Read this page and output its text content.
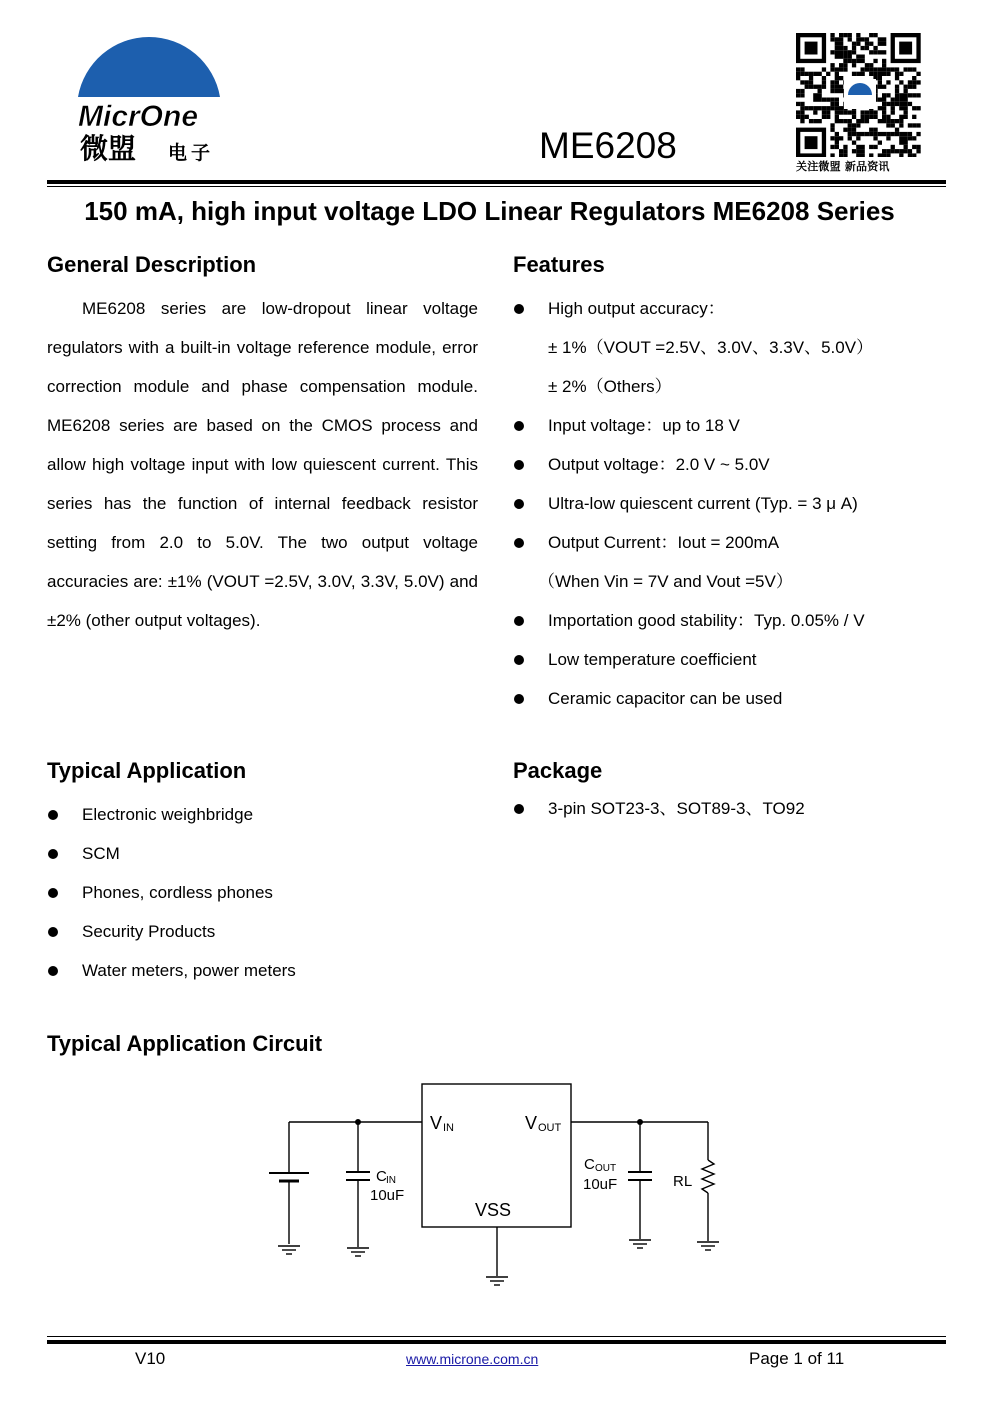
MicrOne
微盟 电子	ME6208
关注微盟 新品资讯
150 mA, high input voltage LDO Linear Regulators ME6208 Series
General Description

ME6208 series are low-dropout linear voltage regulators with a built-in voltage reference module, error correction module and phase compensation module. ME6208 series are based on the CMOS process and allow high voltage input with low quiescent current. This series has the function of internal feedback resistor setting from 2.0 to 5.0V. The two output voltage accuracies are: ±1% (VOUT =2.5V, 3.0V, 3.3V, 5.0V) and ±2% (other output voltages).

Features
High output accuracy：
± 1%（VOUT =2.5V、3.0V、3.3V、5.0V）
± 2%（Others）
Input voltage：up to 18 V
Output voltage：2.0 V ~ 5.0V
Ultra-low quiescent current (Typ. = 3 μ A)
Output Current：Iout = 200mA
（When Vin = 7V and Vout =5V）
Importation good stability：Typ. 0.05% / V
Low temperature coefficient
Ceramic capacitor can be used
Typical Application
Electronic weighbridge
SCM
Phones, cordless phones
Security Products
Water meters, power meters
Package
3-pin SOT23-3、SOT89-3、TO92
Typical Application Circuit
V IN	V OUT
VSS
C IN
10uF
C OUT
10uF	RL
V10	www.microne.com.cn	Page 1 of 11
